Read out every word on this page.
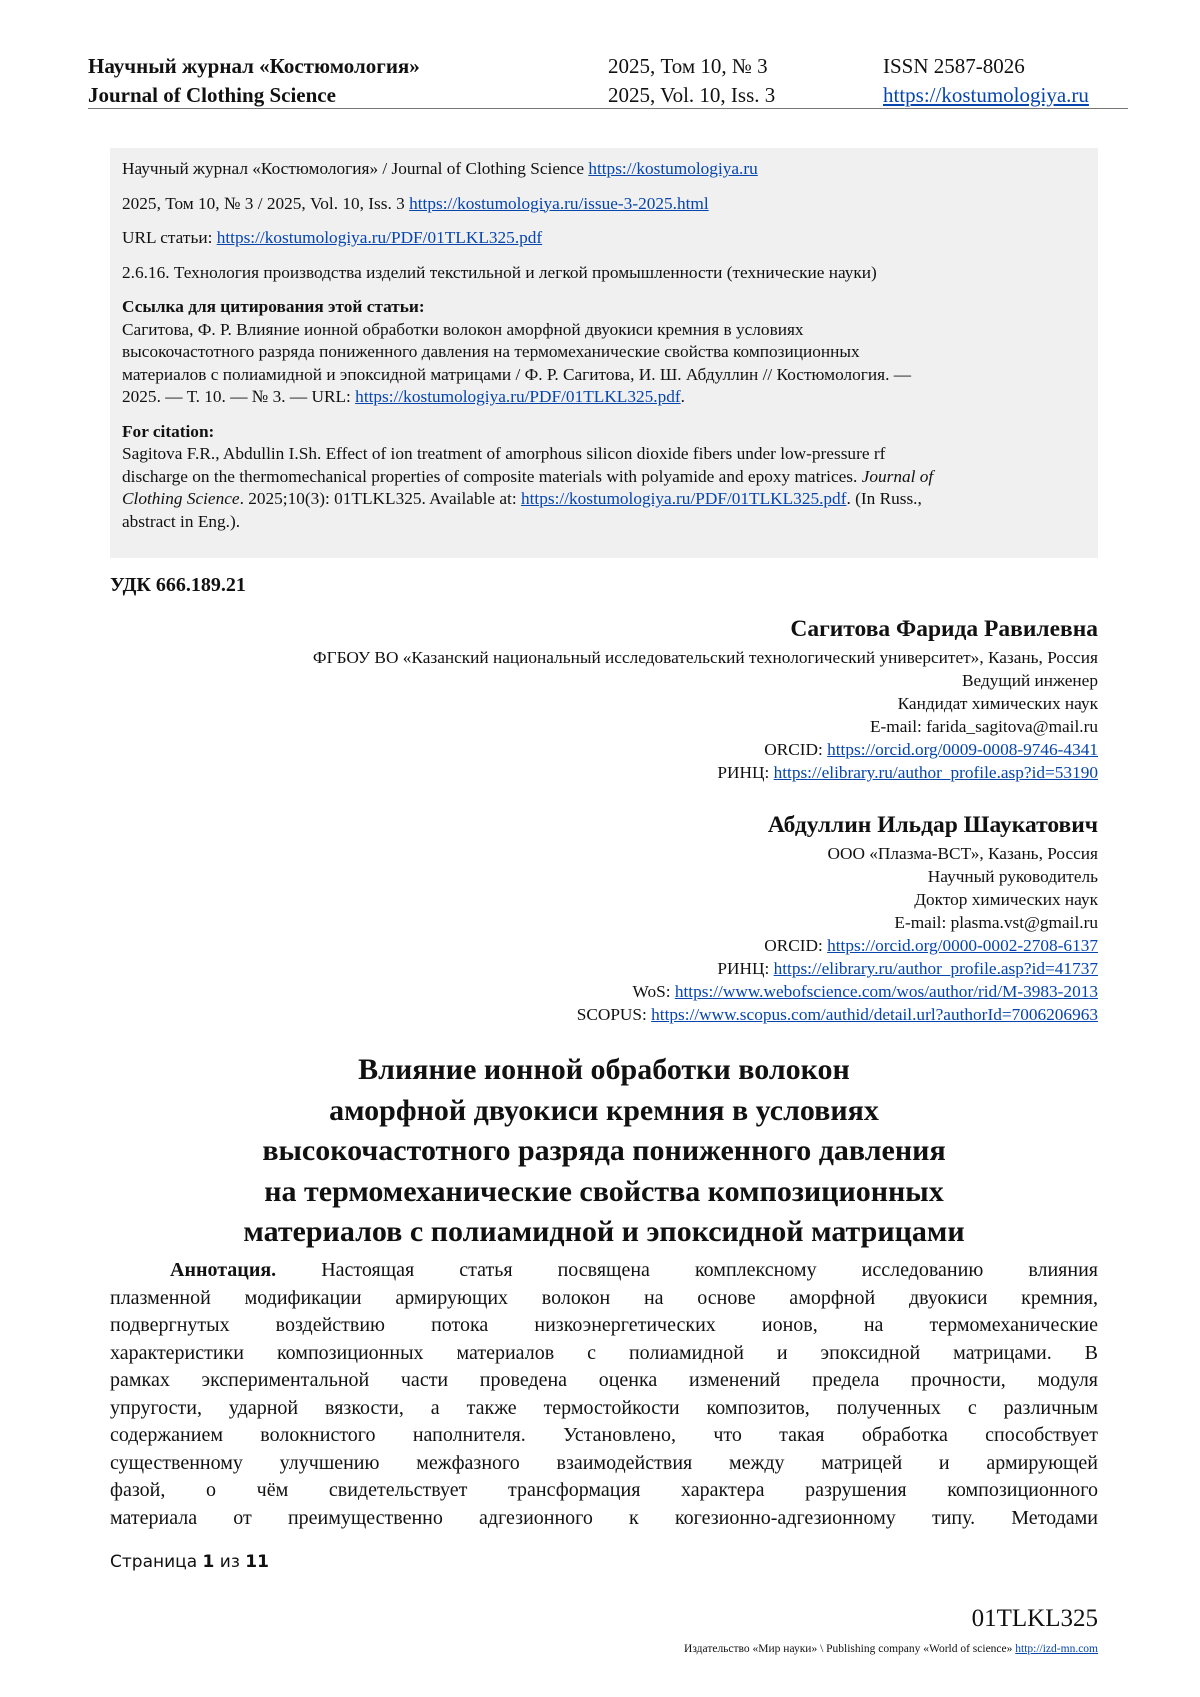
Научный журнал «Костюмология»
Journal of Clothing Science
2025, Том 10, № 3
2025, Vol. 10, Iss. 3
ISSN 2587-8026
https://kostumologiya.ru

Научный журнал «Костюмология» / Journal of Clothing Science https://kostumologiya.ru

2025, Том 10, № 3 / 2025, Vol. 10, Iss. 3 https://kostumologiya.ru/issue-3-2025.html

URL статьи: https://kostumologiya.ru/PDF/01TLKL325.pdf

2.6.16. Технология производства изделий текстильной и легкой промышленности (технические науки)

Ссылка для цитирования этой статьи:

Сагитова, Ф. Р. Влияние ионной обработки волокон аморфной двуокиси кремния в условиях

высокочастотного разряда пониженного давления на термомеханические свойства композиционных

материалов с полиамидной и эпоксидной матрицами / Ф. Р. Сагитова, И. Ш. Абдуллин // Костюмология. —

2025. — Т. 10. — № 3. — URL: https://kostumologiya.ru/PDF/01TLKL325.pdf.

For citation:

Sagitova F.R., Abdullin I.Sh. Effect of ion treatment of amorphous silicon dioxide fibers under low-pressure rf

discharge on the thermomechanical properties of composite materials with polyamide and epoxy matrices. Journal of

Clothing Science. 2025;10(3): 01TLKL325. Available at: https://kostumologiya.ru/PDF/01TLKL325.pdf. (In Russ.,

abstract in Eng.).

УДК 666.189.21
Сагитова Фарида Равилевна
ФГБОУ ВО «Казанский национальный исследовательский технологический университет», Казань, Россия
Ведущий инженер
Кандидат химических наук
E-mail: farida_sagitova@mail.ru
ORCID: https://orcid.org/0009-0008-9746-4341
РИНЦ: https://elibrary.ru/author_profile.asp?id=53190
Абдуллин Ильдар Шаукатович
ООО «Плазма-ВСТ», Казань, Россия
Научный руководитель
Доктор химических наук
E-mail: plasma.vst@gmail.ru
ORCID: https://orcid.org/0000-0002-2708-6137
РИНЦ: https://elibrary.ru/author_profile.asp?id=41737
WoS: https://www.webofscience.com/wos/author/rid/M-3983-2013
SCOPUS: https://www.scopus.com/authid/detail.url?authorId=7006206963
Влияние ионной обработки волокон
аморфной двуокиси кремния в условиях
высокочастотного разряда пониженного давления
на термомеханические свойства композиционных
материалов с полиамидной и эпоксидной матрицами
Аннотация. Настоящая статья посвящена комплексному исследованию влияния
плазменной модификации армирующих волокон на основе аморфной двуокиси кремния,
подвергнутых воздействию потока низкоэнергетических ионов, на термомеханические
характеристики композиционных материалов с полиамидной и эпоксидной матрицами. В
рамках экспериментальной части проведена оценка изменений предела прочности, модуля
упругости, ударной вязкости, а также термостойкости композитов, полученных с различным
содержанием волокнистого наполнителя. Установлено, что такая обработка способствует
существенному улучшению межфазного взаимодействия между матрицей и армирующей
фазой, о чём свидетельствует трансформация характера разрушения композиционного
материала от преимущественно адгезионного к когезионно-адгезионному типу. Методами
Страница 1 из 11
01TLKL325
Издательство «Мир науки» \ Publishing company «World of science» http://izd-mn.com
